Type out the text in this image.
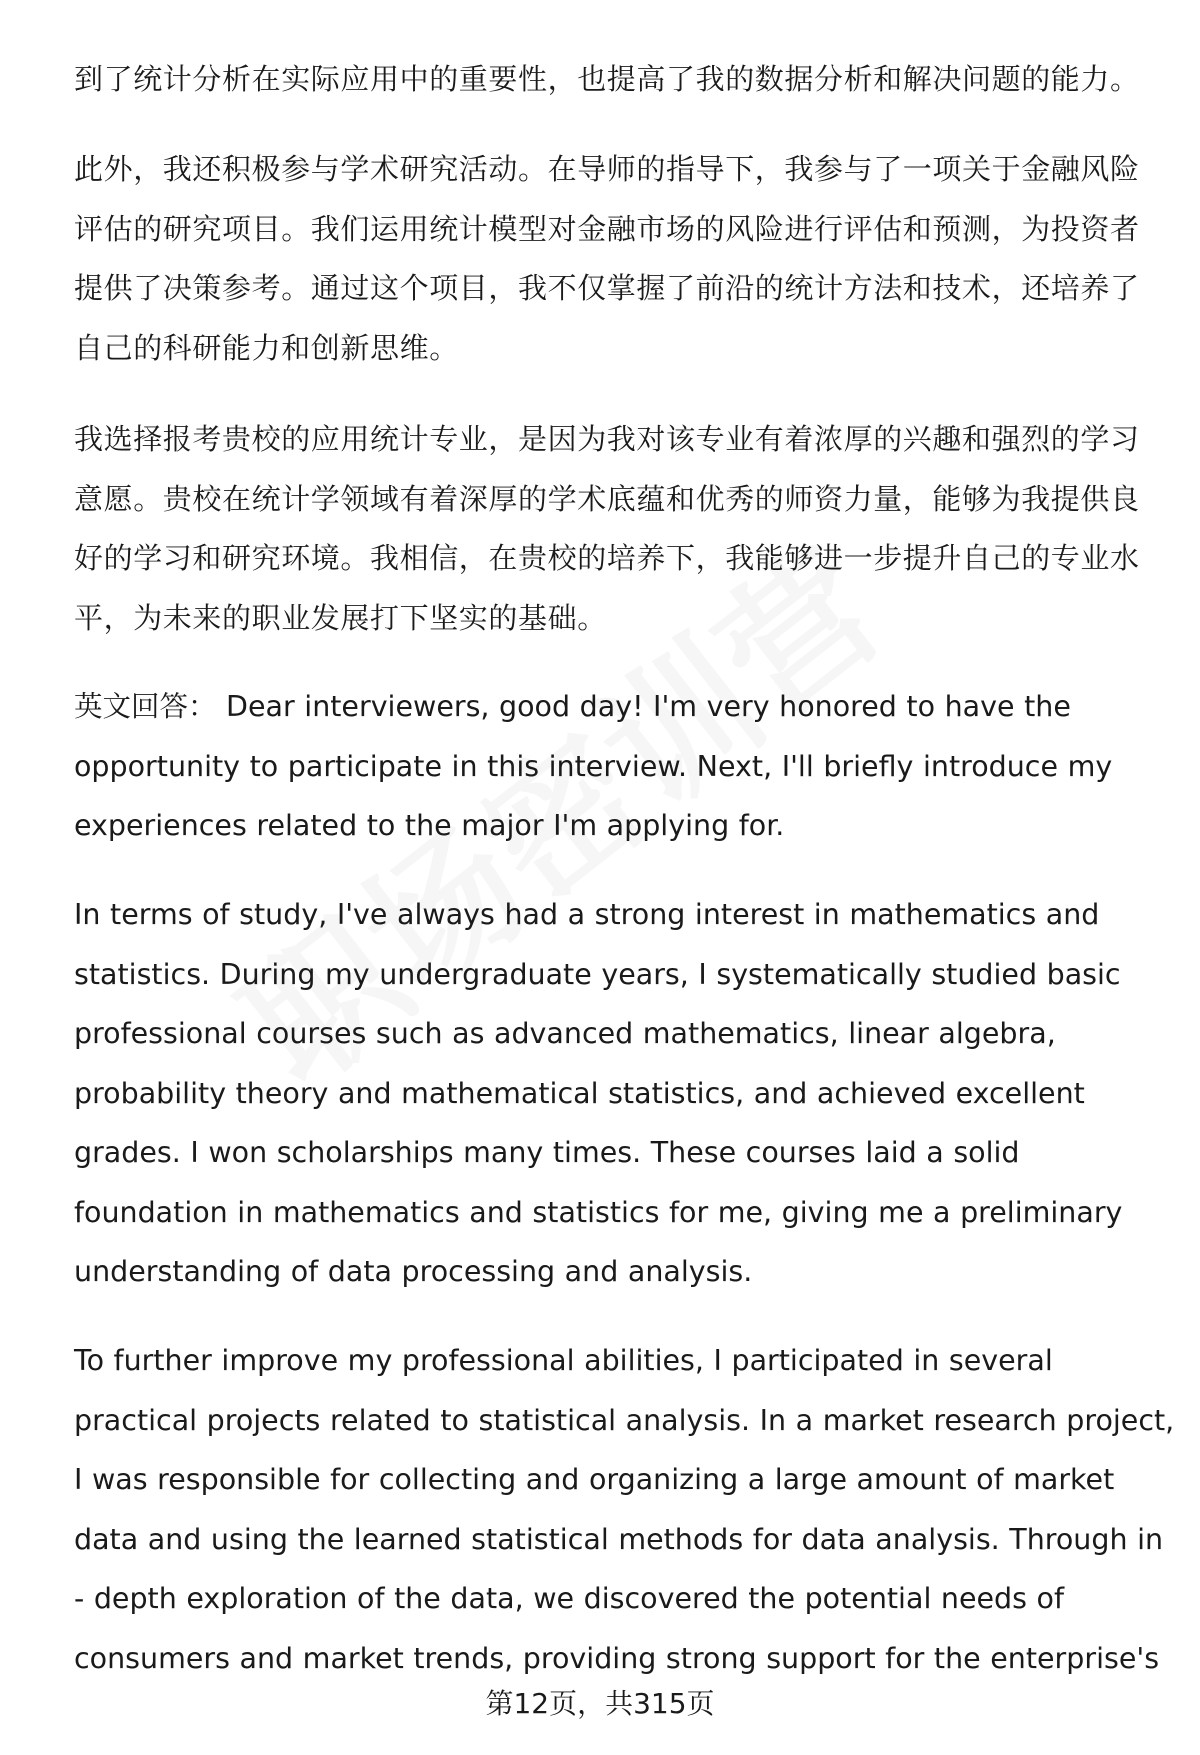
到了统计分析在实际应用中的重要性，也提高了我的数据分析和解决问题的能力。

此外，我还积极参与学术研究活动。在导师的指导下，我参与了一项关于金融风险
评估的研究项目。我们运用统计模型对金融市场的风险进行评估和预测，为投资者
提供了决策参考。通过这个项目，我不仅掌握了前沿的统计方法和技术，还培养了
自己的科研能力和创新思维。

我选择报考贵校的应用统计专业，是因为我对该专业有着浓厚的兴趣和强烈的学习
意愿。贵校在统计学领域有着深厚的学术底蕴和优秀的师资力量，能够为我提供良
好的学习和研究环境。我相信，在贵校的培养下，我能够进一步提升自己的专业水
平，为未来的职业发展打下坚实的基础。

英文回答： Dear interviewers, good day! I'm very honored to have the
opportunity to participate in this interview. Next, I'll briefly introduce my
experiences related to the major I'm applying for.

In terms of study, I've always had a strong interest in mathematics and
statistics. During my undergraduate years, I systematically studied basic
professional courses such as advanced mathematics, linear algebra,
probability theory and mathematical statistics, and achieved excellent
grades. I won scholarships many times. These courses laid a solid
foundation in mathematics and statistics for me, giving me a preliminary
understanding of data processing and analysis.

To further improve my professional abilities, I participated in several
practical projects related to statistical analysis. In a market research project,
I was responsible for collecting and organizing a large amount of market
data and using the learned statistical methods for data analysis. Through in
- depth exploration of the data, we discovered the potential needs of
consumers and market trends, providing strong support for the enterprise's

第12页，共315页
